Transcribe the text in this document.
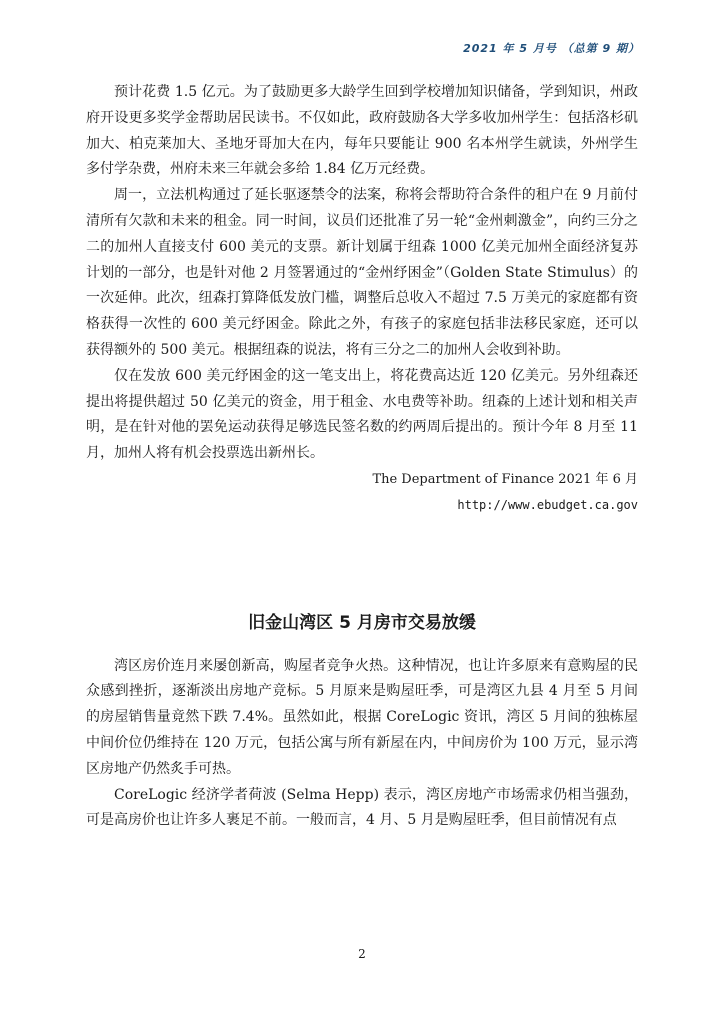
2021 年 5 月号 （总第 9 期）

预计花费 1.5 亿元。为了鼓励更多大龄学生回到学校增加知识储备，学到知识，州政府开设更多奖学金帮助居民读书。不仅如此，政府鼓励各大学多收加州学生：包括洛杉矶加大、柏克莱加大、圣地牙哥加大在内，每年只要能让 900 名本州学生就读，外州学生多付学杂费，州府未来三年就会多给 1.84 亿万元经费。

周一，立法机构通过了延长驱逐禁令的法案，称将会帮助符合条件的租户在 9 月前付清所有欠款和未来的租金。同一时间，议员们还批准了另一轮“金州刺激金”，向约三分之二的加州人直接支付 600 美元的支票。新计划属于纽森 1000 亿美元加州全面经济复苏计划的一部分，也是针对他 2 月签署通过的“金州纾困金”（Golden State Stimulus）的一次延伸。此次，纽森打算降低发放门槛，调整后总收入不超过 7.5 万美元的家庭都有资格获得一次性的 600 美元纾困金。除此之外，有孩子的家庭包括非法移民家庭，还可以获得额外的 500 美元。根据纽森的说法，将有三分之二的加州人会收到补助。

仅在发放 600 美元纾困金的这一笔支出上，将花费高达近 120 亿美元。另外纽森还提出将提供超过 50 亿美元的资金，用于租金、水电费等补助。纽森的上述计划和相关声明，是在针对他的罢免运动获得足够选民签名数的约两周后提出的。预计今年 8 月至 11 月，加州人将有机会投票选出新州长。

The Department of Finance 2021 年 6 月

http://www.ebudget.ca.gov

旧金山湾区 5 月房市交易放缓

湾区房价连月来屡创新高，购屋者竞争火热。这种情况，也让许多原来有意购屋的民众感到挫折，逐渐淡出房地产竞标。5 月原来是购屋旺季，可是湾区九县 4 月至 5 月间的房屋销售量竟然下跌 7.4%。虽然如此，根据 CoreLogic 资讯，湾区 5 月间的独栋屋中间价位仍维持在 120 万元，包括公寓与所有新屋在内，中间房价为 100 万元，显示湾区房地产仍然炙手可热。

CoreLogic 经济学者荷波 (Selma Hepp) 表示，湾区房地产市场需求仍相当强劲，可是高房价也让许多人裹足不前。一般而言，4 月、5 月是购屋旺季，但目前情况有点

2
